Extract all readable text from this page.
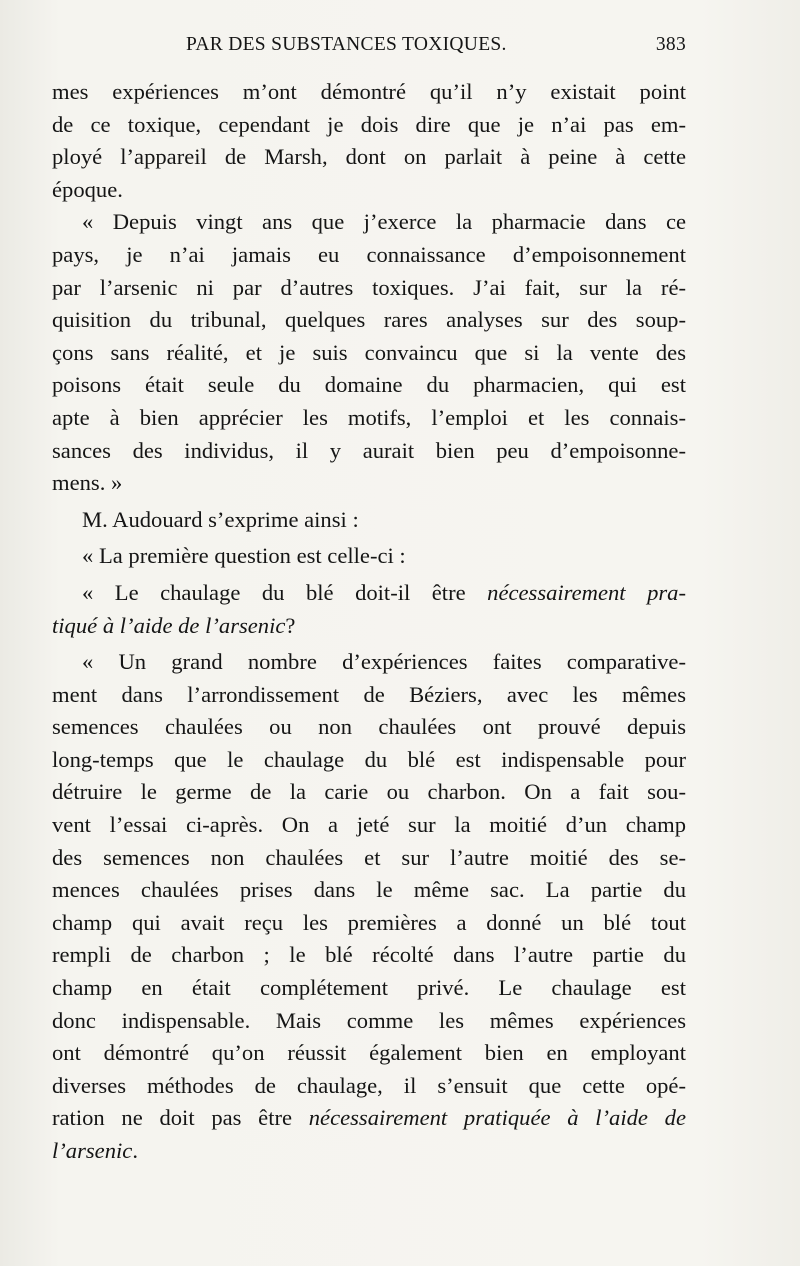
PAR DES SUBSTANCES TOXIQUES.	383
mes expériences m’ont démontré qu’il n’y existait point
de ce toxique, cependant je dois dire que je n’ai pas em-
ployé l’appareil de Marsh, dont on parlait à peine à cette
époque.
« Depuis vingt ans que j’exerce la pharmacie dans ce
pays, je n’ai jamais eu connaissance d’empoisonnement
par l’arsenic ni par d’autres toxiques. J’ai fait, sur la ré-
quisition du tribunal, quelques rares analyses sur des soup-
çons sans réalité, et je suis convaincu que si la vente des
poisons était seule du domaine du pharmacien, qui est
apte à bien apprécier les motifs, l’emploi et les connais-
sances des individus, il y aurait bien peu d’empoisonne-
mens. »
M. Audouard s’exprime ainsi :
« La première question est celle-ci :
« Le chaulage du blé doit-il être nécessairement pra-
tiqué à l’aide de l’arsenic?
« Un grand nombre d’expériences faites comparative-
ment dans l’arrondissement de Béziers, avec les mêmes
semences chaulées ou non chaulées ont prouvé depuis
long-temps que le chaulage du blé est indispensable pour
détruire le germe de la carie ou charbon. On a fait sou-
vent l’essai ci-après. On a jeté sur la moitié d’un champ
des semences non chaulées et sur l’autre moitié des se-
mences chaulées prises dans le même sac. La partie du
champ qui avait reçu les premières a donné un blé tout
rempli de charbon ; le blé récolté dans l’autre partie du
champ en était complétement privé. Le chaulage est
donc indispensable. Mais comme les mêmes expériences
ont démontré qu’on réussit également bien en employant
diverses méthodes de chaulage, il s’ensuit que cette opé-
ration ne doit pas être nécessairement pratiquée à l’aide de
l’arsenic.
